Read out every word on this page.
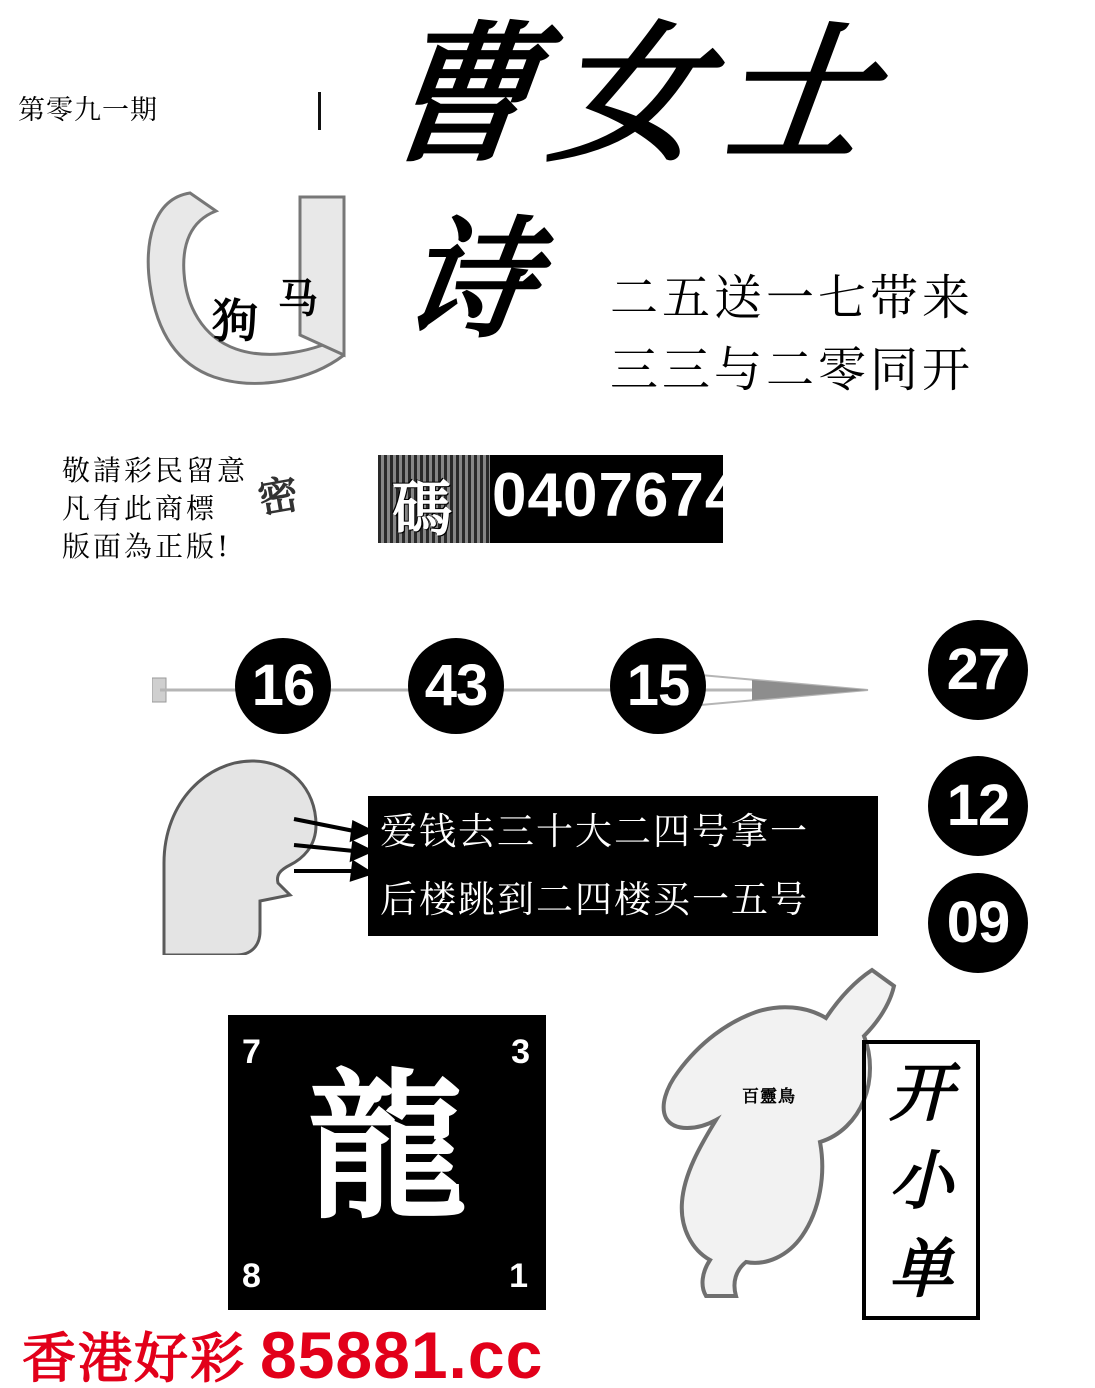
第零九一期 曹女士
狗 马 诗 二五送一七带来
三三与二零同开
敬請彩民留意
凡有此商標
版面為正版!
密	碼 0407674
16 43 15	27
12
09
爱钱去三十大二四号拿一
后楼跳到二四楼买一五号
7	3
龍
8	1
百靈鳥	开
小
单
香港好彩 85881.cc
